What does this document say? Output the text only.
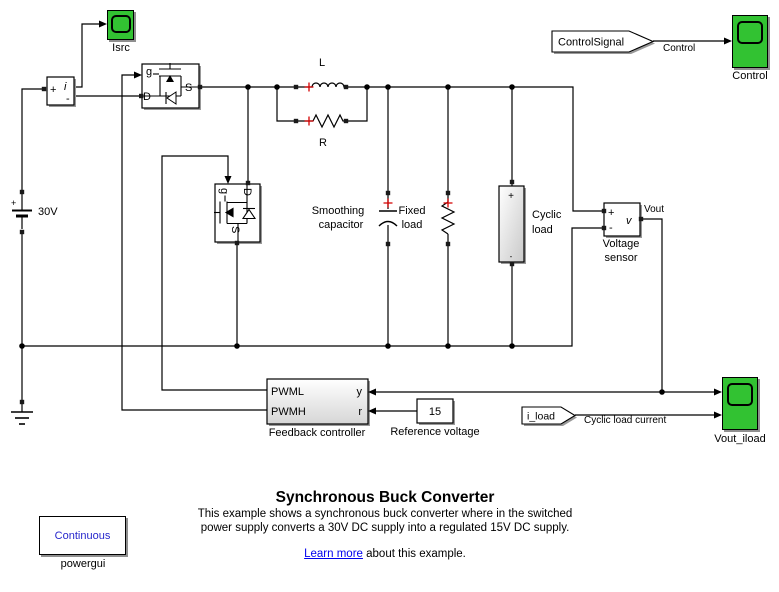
+
+ i
-
g
D
S
g D
S
+
-
+
-
v
PWML
PWMH
y
r	15
ControlSignal
i_load
Isrc
Control
Vout_iload
Continuous
powergui
30V
L
R
Smoothing
capacitor
Fixed
load
Cyclic
load
Voltage
sensor
Feedback controller Reference voltage
Control
Vout
Cyclic load current
Synchronous Buck Converter
This example shows a synchronous buck converter where in the switched
power supply converts a 30V DC supply into a regulated 15V DC supply.
Learn more about this example.
